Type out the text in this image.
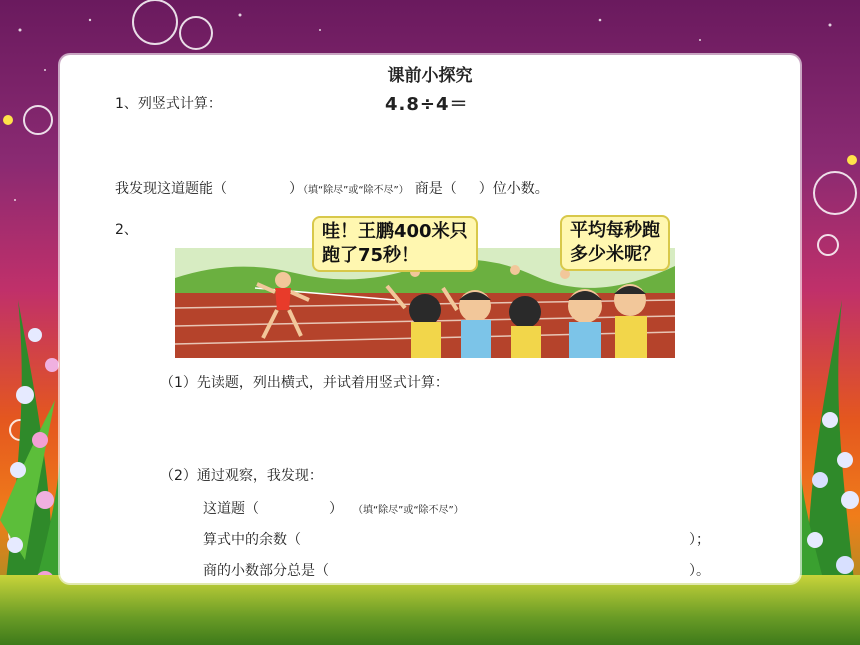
课前小探究
1、列竖式计算：	4.8÷4＝
我发现这道题能（	）（填“除尽”或“除不尽”） 商是（ ）位小数。
2、	哇！王鹏400米只
跑了75秒！
平均每秒跑
多少米呢？
（1）先读题，列出横式，并试着用竖式计算：
（2）通过观察，我发现：
这道题（	） （填“除尽”或“除不尽”）
算式中的余数（	）；
商的小数部分总是（	）。
